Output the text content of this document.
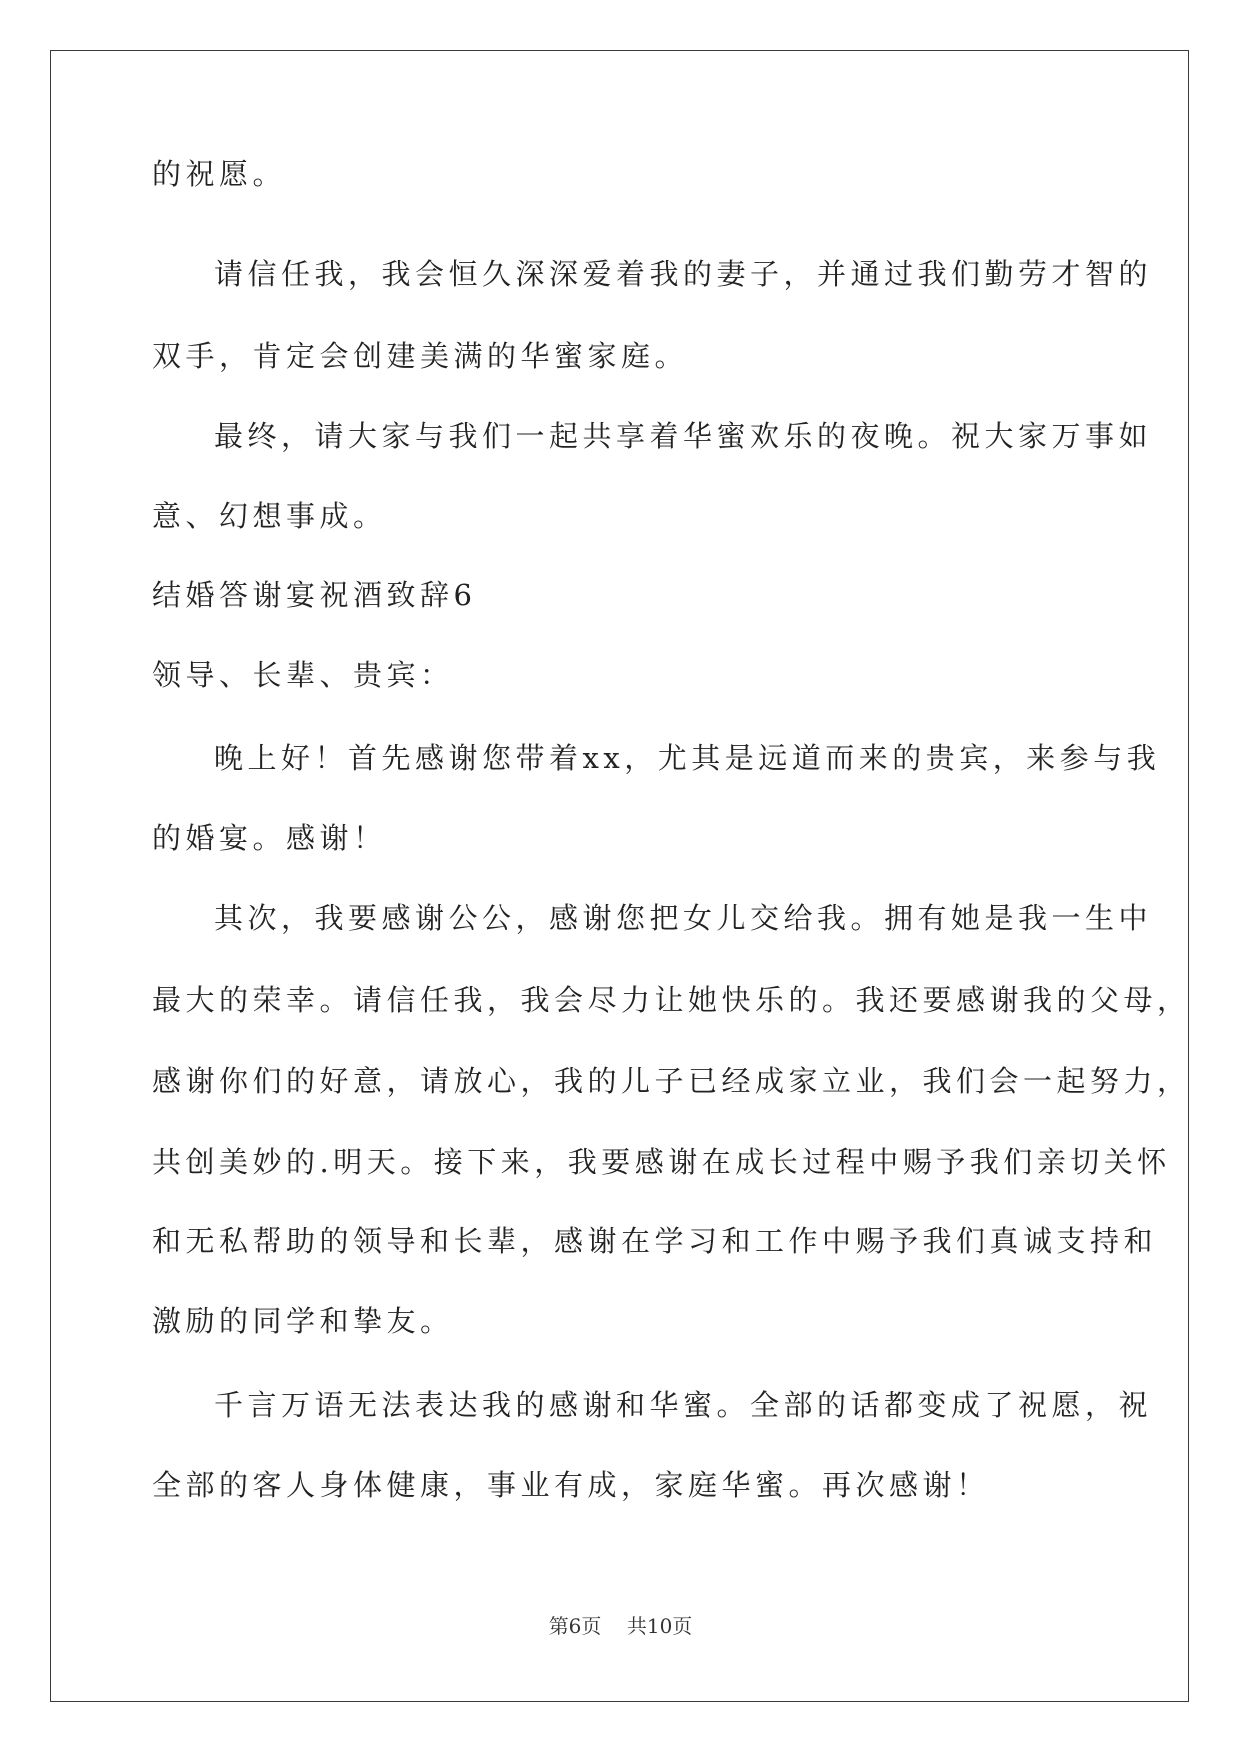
的祝愿。

请信任我，我会恒久深深爱着我的妻子，并通过我们勤劳才智的

双手，肯定会创建美满的华蜜家庭。

最终，请大家与我们一起共享着华蜜欢乐的夜晚。祝大家万事如

意、幻想事成。

结婚答谢宴祝酒致辞6

领导、长辈、贵宾：

晚上好！首先感谢您带着xx，尤其是远道而来的贵宾，来参与我

的婚宴。感谢！

其次，我要感谢公公，感谢您把女儿交给我。拥有她是我一生中

最大的荣幸。请信任我，我会尽力让她快乐的。我还要感谢我的父母，

感谢你们的好意，请放心，我的儿子已经成家立业，我们会一起努力，

共创美妙的.明天。接下来，我要感谢在成长过程中赐予我们亲切关怀

和无私帮助的领导和长辈，感谢在学习和工作中赐予我们真诚支持和

激励的同学和挚友。

千言万语无法表达我的感谢和华蜜。全部的话都变成了祝愿，祝

全部的客人身体健康，事业有成，家庭华蜜。再次感谢！

第6页    共10页
